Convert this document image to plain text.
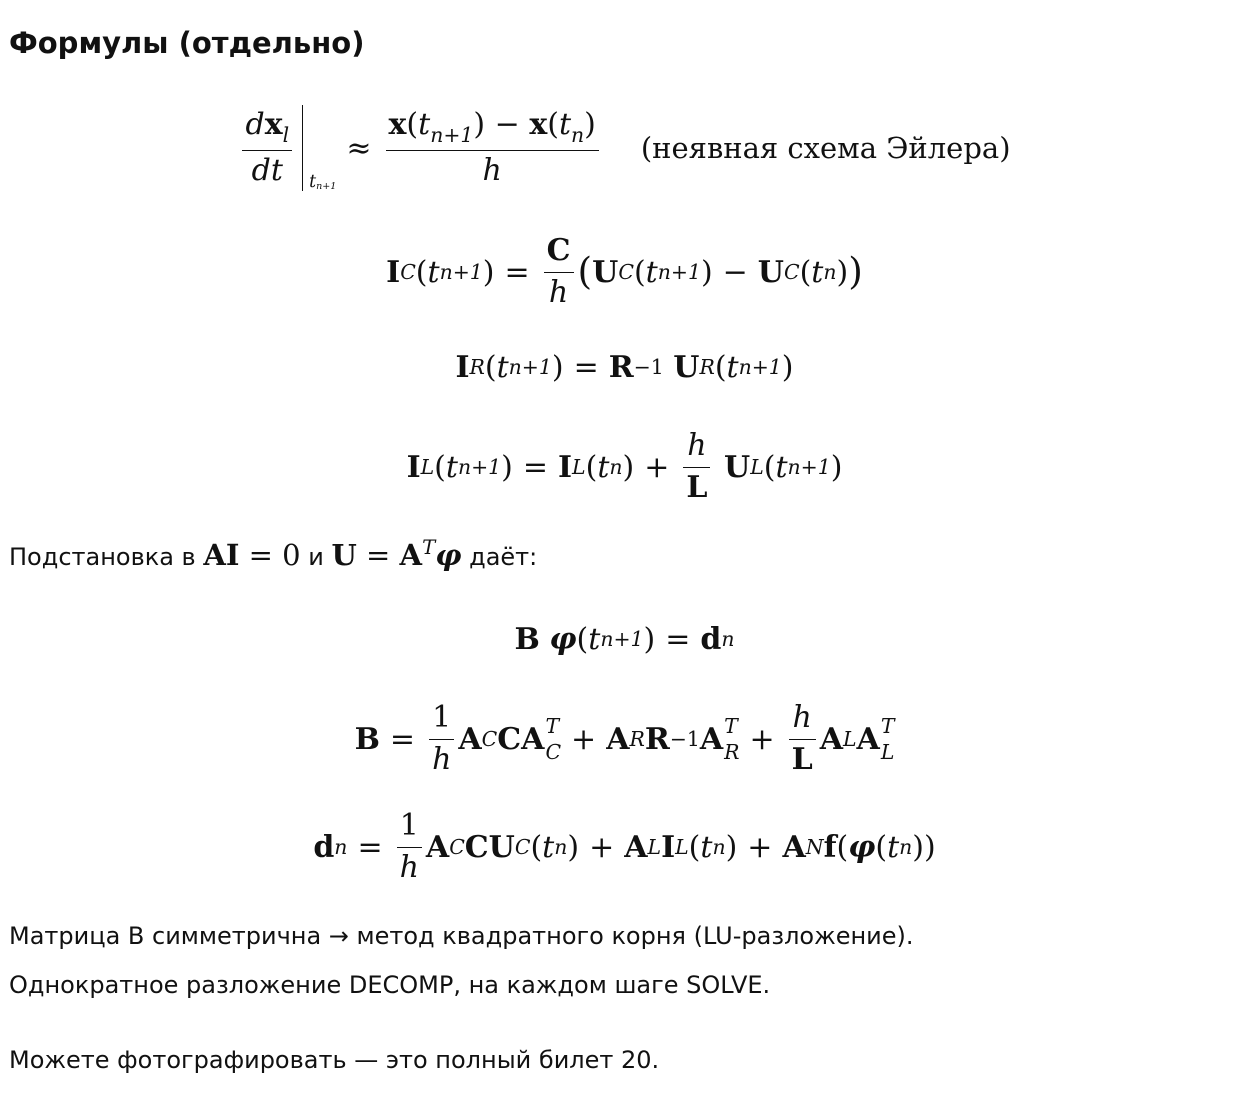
Формулы (отдельно)
$\frac{dx_l}{dt} tn+1$
≈ $\frac{x(t_{n+1}) - x(t_n)}{h}$ (неявная схема Эйлера)
I C ( t n+1 ) = $\frac{C}{h}$ ( U C ( t n+1 ) − U C ( t n ) )
I R ( t n+1 ) = R −1
U R ( t n+1 )
I L ( t n+1 ) = I L ( t n ) + $\frac{h}{L}$
U L ( t n+1 )
Подстановка в AI = 0 и $U = A^T\varphi$ даёт:
B
φ ( t n+1 ) = d n
$B = \frac{1}{h}$ A C CA T
C + A R R −1 A T
$R + \frac{h}{L}$ A L A T
L
d $n = \frac{1}{h}$ A C CU C ( t n ) + A L I L ( t n ) + A N f ( φ ( t n ))
Матрица B симметрична → метод квадратного корня (LU-разложение).
Однократное разложение DECOMP, на каждом шаге SOLVE.
Можете фотографировать — это полный билет 20.
